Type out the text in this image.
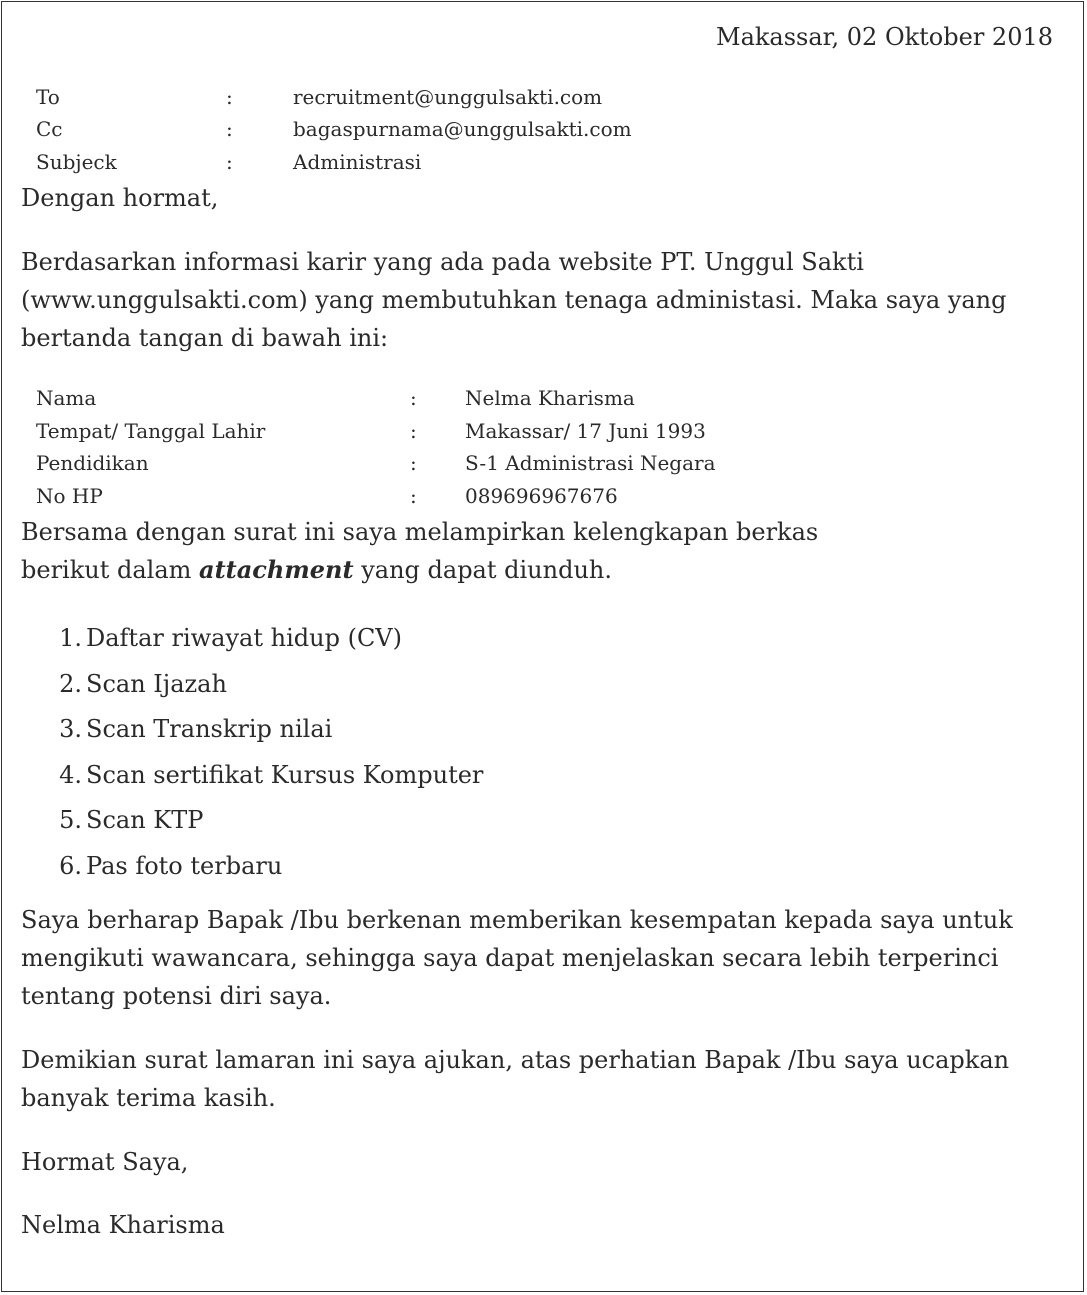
Makassar, 02 Oktober 2018
To	:	recruitment@unggulsakti.com
Cc	:	bagaspurnama@unggulsakti.com
Subjeck	:	Administrasi

Dengan hormat,

Berdasarkan informasi karir yang ada pada website PT. Unggul Sakti (www.unggulsakti.com) yang membutuhkan tenaga administasi. Maka saya yang bertanda tangan di bawah ini:

Nama	: Nelma Kharisma
Tempat/ Tanggal Lahir	: Makassar/ 17 Juni 1993
Pendidikan	: S-1 Administrasi Negara
No HP	: 089696967676

Bersama dengan surat ini saya melampirkan kelengkapan berkas berikut dalam attachment yang dapat diunduh.

1. Daftar riwayat hidup (CV)
2. Scan Ijazah
3. Scan Transkrip nilai
4. Scan sertifikat Kursus Komputer
5. Scan KTP
6. Pas foto terbaru

Saya berharap Bapak /Ibu berkenan memberikan kesempatan kepada saya untuk mengikuti wawancara, sehingga saya dapat menjelaskan secara lebih terperinci tentang potensi diri saya.

Demikian surat lamaran ini saya ajukan, atas perhatian Bapak /Ibu saya ucapkan banyak terima kasih.

Hormat Saya,

Nelma Kharisma
